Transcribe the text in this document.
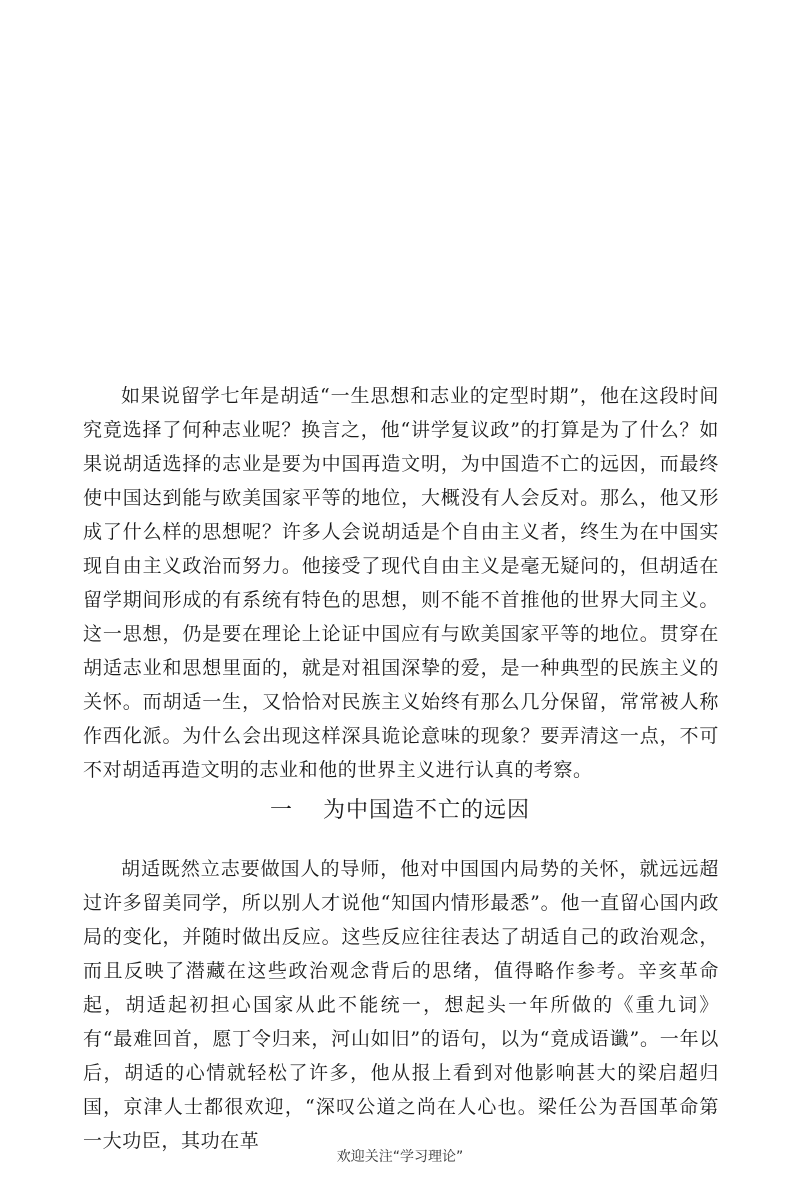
如果说留学七年是胡适“一生思想和志业的定型时期”，他在这段时间究竟选择了何种志业呢？换言之，他“讲学复议政”的打算是为了什么？如果说胡适选择的志业是要为中国再造文明，为中国造不亡的远因，而最终使中国达到能与欧美国家平等的地位，大概没有人会反对。那么，他又形成了什么样的思想呢？许多人会说胡适是个自由主义者，终生为在中国实现自由主义政治而努力。他接受了现代自由主义是毫无疑问的，但胡适在留学期间形成的有系统有特色的思想，则不能不首推他的世界大同主义。这一思想，仍是要在理论上论证中国应有与欧美国家平等的地位。贯穿在胡适志业和思想里面的，就是对祖国深挚的爱，是一种典型的民族主义的关怀。而胡适一生，又恰恰对民族主义始终有那么几分保留，常常被人称作西化派。为什么会出现这样深具诡论意味的现象？要弄清这一点，不可不对胡适再造文明的志业和他的世界主义进行认真的考察。

一 为中国造不亡的远因

胡适既然立志要做国人的导师，他对中国国内局势的关怀，就远远超过许多留美同学，所以别人才说他“知国内情形最悉”。他一直留心国内政局的变化，并随时做出反应。这些反应往往表达了胡适自己的政治观念，而且反映了潜藏在这些政治观念背后的思绪，值得略作参考。辛亥革命起，胡适起初担心国家从此不能统一，想起头一年所做的《重九词》有“最难回首，愿丁令归来，河山如旧”的语句，以为“竟成语谶”。一年以后，胡适的心情就轻松了许多，他从报上看到对他影响甚大的梁启超归国，京津人士都很欢迎，“深叹公道之尚在人心也。梁任公为吾国革命第一大功臣，其功在革

欢迎关注“学习理论”
